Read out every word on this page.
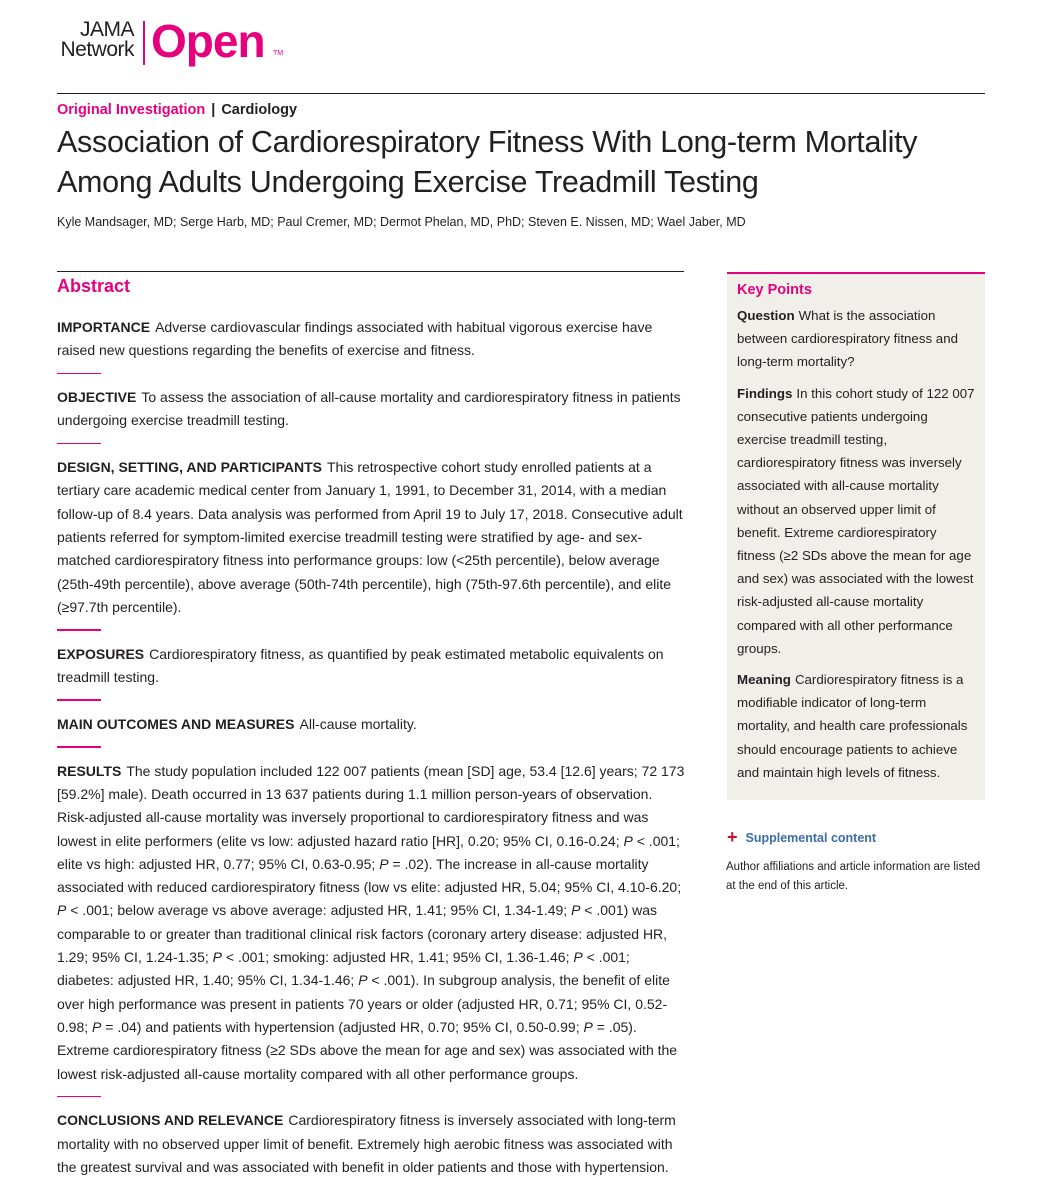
JAMA
Network Open TM
Original Investigation | Cardiology
Association of Cardiorespiratory Fitness With Long-term Mortality Among Adults Undergoing Exercise Treadmill Testing
Kyle Mandsager, MD; Serge Harb, MD; Paul Cremer, MD; Dermot Phelan, MD, PhD; Steven E. Nissen, MD; Wael Jaber, MD
Abstract

IMPORTANCE Adverse cardiovascular findings associated with habitual vigorous exercise have raised new questions regarding the benefits of exercise and fitness.

OBJECTIVE To assess the association of all-cause mortality and cardiorespiratory fitness in patients undergoing exercise treadmill testing.

DESIGN, SETTING, AND PARTICIPANTS This retrospective cohort study enrolled patients at a tertiary care academic medical center from January 1, 1991, to December 31, 2014, with a median follow-up of 8.4 years. Data analysis was performed from April 19 to July 17, 2018. Consecutive adult patients referred for symptom-limited exercise treadmill testing were stratified by age- and sex-matched cardiorespiratory fitness into performance groups: low (<25th percentile), below average (25th-49th percentile), above average (50th-74th percentile), high (75th-97.6th percentile), and elite (≥97.7th percentile).

EXPOSURES Cardiorespiratory fitness, as quantified by peak estimated metabolic equivalents on treadmill testing.

MAIN OUTCOMES AND MEASURES All-cause mortality.

RESULTS The study population included 122 007 patients (mean [SD] age, 53.4 [12.6] years; 72 173 [59.2%] male). Death occurred in 13 637 patients during 1.1 million person-years of observation. Risk-adjusted all-cause mortality was inversely proportional to cardiorespiratory fitness and was lowest in elite performers (elite vs low: adjusted hazard ratio [HR], 0.20; 95% CI, 0.16-0.24; P < .001; elite vs high: adjusted HR, 0.77; 95% CI, 0.63-0.95; P = .02). The increase in all-cause mortality associated with reduced cardiorespiratory fitness (low vs elite: adjusted HR, 5.04; 95% CI, 4.10-6.20; P < .001; below average vs above average: adjusted HR, 1.41; 95% CI, 1.34-1.49; P < .001) was comparable to or greater than traditional clinical risk factors (coronary artery disease: adjusted HR, 1.29; 95% CI, 1.24-1.35; P < .001; smoking: adjusted HR, 1.41; 95% CI, 1.36-1.46; P < .001; diabetes: adjusted HR, 1.40; 95% CI, 1.34-1.46; P < .001). In subgroup analysis, the benefit of elite over high performance was present in patients 70 years or older (adjusted HR, 0.71; 95% CI, 0.52-0.98; P = .04) and patients with hypertension (adjusted HR, 0.70; 95% CI, 0.50-0.99; P = .05). Extreme cardiorespiratory fitness (≥2 SDs above the mean for age and sex) was associated with the lowest risk-adjusted all-cause mortality compared with all other performance groups.

CONCLUSIONS AND RELEVANCE Cardiorespiratory fitness is inversely associated with long-term mortality with no observed upper limit of benefit. Extremely high aerobic fitness was associated with the greatest survival and was associated with benefit in older patients and those with hypertension.

Key Points

Question What is the association between cardiorespiratory fitness and long-term mortality?

Findings In this cohort study of 122 007 consecutive patients undergoing exercise treadmill testing, cardiorespiratory fitness was inversely associated with all-cause mortality without an observed upper limit of benefit. Extreme cardiorespiratory fitness (≥2 SDs above the mean for age and sex) was associated with the lowest risk-adjusted all-cause mortality compared with all other performance groups.

Meaning Cardiorespiratory fitness is a modifiable indicator of long-term mortality, and health care professionals should encourage patients to achieve and maintain high levels of fitness.

+ Supplemental content
Author affiliations and article information are listed at the end of this article.
